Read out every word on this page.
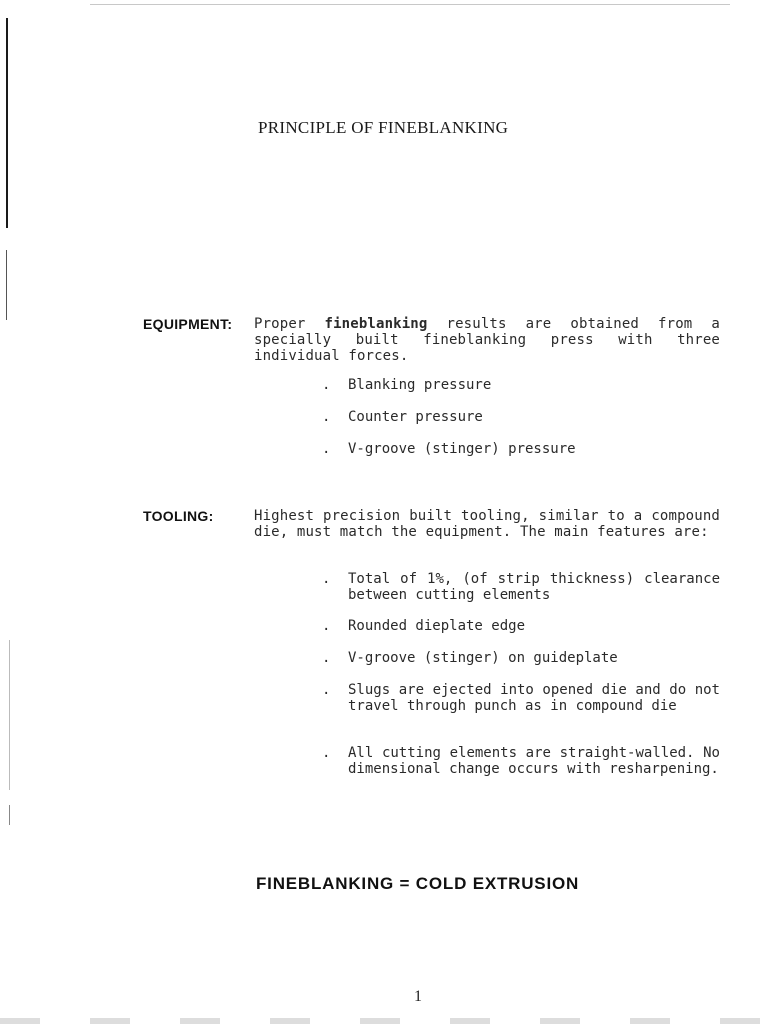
PRINCIPLE OF FINEBLANKING
EQUIPMENT: Proper fineblanking results are obtained from a specially built fineblanking press with three individual forces.

. Blanking pressure
. Counter pressure
. V-groove (stinger) pressure
TOOLING:	Highest precision built tooling, similar to a compound die, must match the equipment. The main features are:

. Total of 1%, (of strip thickness) clearance between cutting elements
. Rounded dieplate edge
. V-groove (stinger) on guideplate
. Slugs are ejected into opened die and do not travel through punch as in compound die
. All cutting elements are straight-walled. No dimensional change occurs with resharpening.
FINEBLANKING = COLD EXTRUSION
1
